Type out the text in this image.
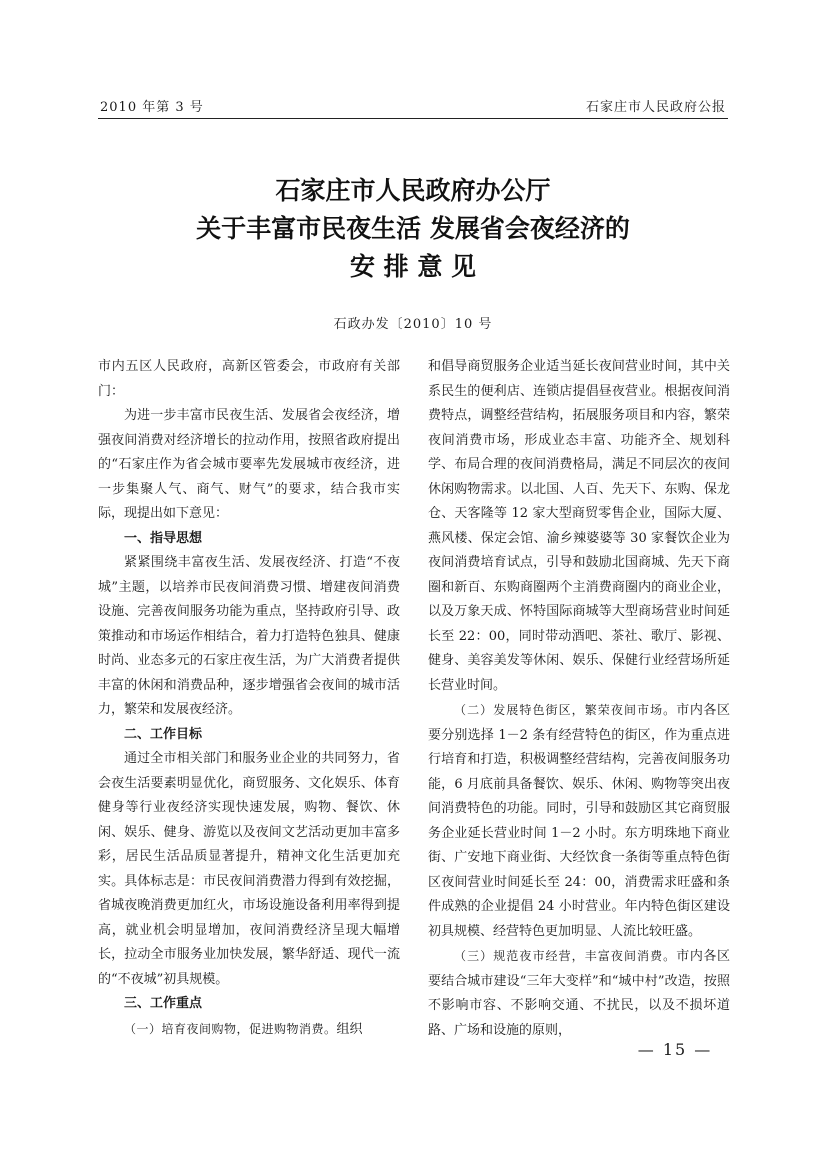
2010 年第 3 号	石家庄市人民政府公报
石家庄市人民政府办公厅
关于丰富市民夜生活 发展省会夜经济的
安 排 意 见
石政办发〔2010〕10 号

市内五区人民政府，高新区管委会，市政府有关部门：

为进一步丰富市民夜生活、发展省会夜经济，增强夜间消费对经济增长的拉动作用，按照省政府提出的“石家庄作为省会城市要率先发展城市夜经济，进一步集聚人气、商气、财气”的要求，结合我市实际，现提出如下意见：

一、指导思想

紧紧围绕丰富夜生活、发展夜经济、打造“不夜城”主题，以培养市民夜间消费习惯、增建夜间消费设施、完善夜间服务功能为重点，坚持政府引导、政策推动和市场运作相结合，着力打造特色独具、健康时尚、业态多元的石家庄夜生活，为广大消费者提供丰富的休闲和消费品种，逐步增强省会夜间的城市活力，繁荣和发展夜经济。

二、工作目标

通过全市相关部门和服务业企业的共同努力，省会夜生活要素明显优化，商贸服务、文化娱乐、体育健身等行业夜经济实现快速发展，购物、餐饮、休闲、娱乐、健身、游览以及夜间文艺活动更加丰富多彩，居民生活品质显著提升，精神文化生活更加充实。具体标志是：市民夜间消费潜力得到有效挖掘，省城夜晚消费更加红火，市场设施设备利用率得到提高，就业机会明显增加，夜间消费经济呈现大幅增长，拉动全市服务业加快发展，繁华舒适、现代一流的“不夜城”初具规模。

三、工作重点

（一）培育夜间购物，促进购物消费。组织

和倡导商贸服务企业适当延长夜间营业时间，其中关系民生的便利店、连锁店提倡昼夜营业。根据夜间消费特点，调整经营结构，拓展服务项目和内容，繁荣夜间消费市场，形成业态丰富、功能齐全、规划科学、布局合理的夜间消费格局，满足不同层次的夜间休闲购物需求。以北国、人百、先天下、东购、保龙仓、天客隆等 12 家大型商贸零售企业，国际大厦、燕风楼、保定会馆、渝乡辣婆婆等 30 家餐饮企业为夜间消费培育试点，引导和鼓励北国商城、先天下商圈和新百、东购商圈两个主消费商圈内的商业企业，以及万象天成、怀特国际商城等大型商场营业时间延长至 22：00，同时带动酒吧、茶社、歌厅、影视、健身、美容美发等休闲、娱乐、保健行业经营场所延长营业时间。

（二）发展特色街区，繁荣夜间市场。市内各区要分别选择 1－2 条有经营特色的街区，作为重点进行培育和打造，积极调整经营结构，完善夜间服务功能，6 月底前具备餐饮、娱乐、休闲、购物等突出夜间消费特色的功能。同时，引导和鼓励区其它商贸服务企业延长营业时间 1－2 小时。东方明珠地下商业街、广安地下商业街、大经饮食一条街等重点特色街区夜间营业时间延长至 24：00，消费需求旺盛和条件成熟的企业提倡 24 小时营业。年内特色街区建设初具规模、经营特色更加明显、人流比较旺盛。

（三）规范夜市经营，丰富夜间消费。市内各区要结合城市建设“三年大变样”和“城中村”改造，按照不影响市容、不影响交通、不扰民，以及不损坏道路、广场和设施的原则，

— 15 —
